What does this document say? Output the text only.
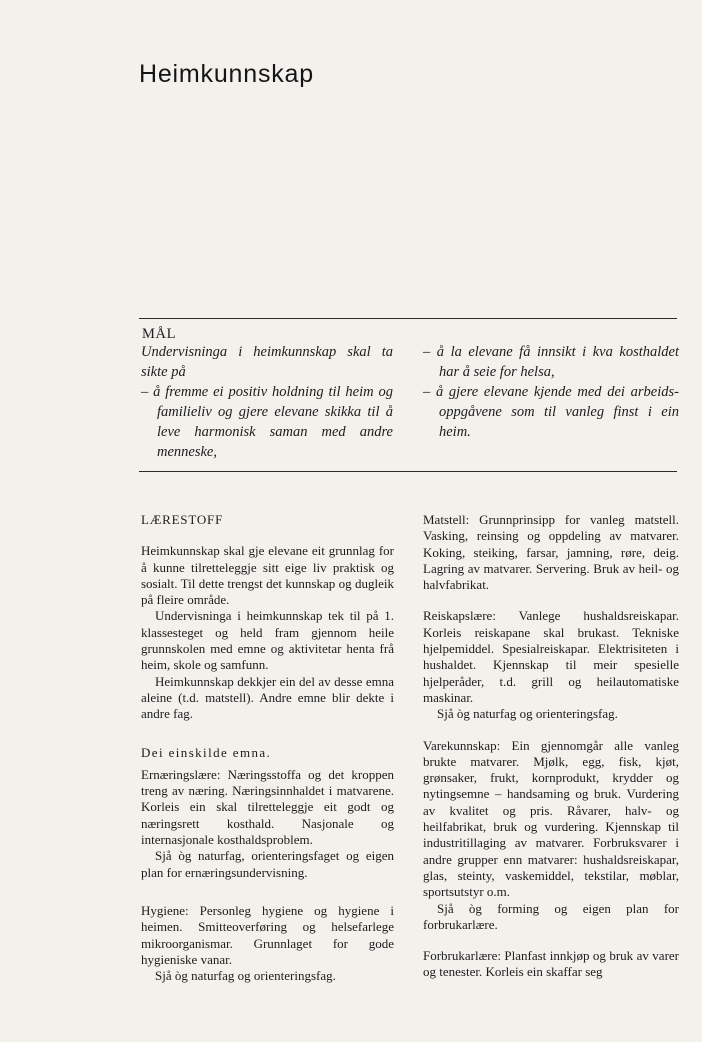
Heimkunnskap
MÅL

Undervisninga i heimkunnskap skal ta sikte på

– å fremme ei positiv holdning til heim og familieliv og gjere elevane skikka til å leve harmonisk saman med andre menneske,

– å la elevane få innsikt i kva kosthaldet har å seie for helsa,

– å gjere elevane kjende med dei arbeids-oppgåvene som til vanleg finst i ein heim.

LÆRESTOFF

Heimkunnskap skal gje elevane eit grunnlag for å kunne tilretteleggje sitt eige liv praktisk og sosialt. Til dette trengst det kunnskap og dugleik på fleire område.

Undervisninga i heimkunnskap tek til på 1. klassesteget og held fram gjennom heile grunnskolen med emne og aktivitetar henta frå heim, skole og samfunn.

Heimkunnskap dekkjer ein del av desse emna aleine (t.d. matstell). Andre emne blir dekte i andre fag.

Dei einskilde emna.

Ernæringslære: Næringsstoffa og det kroppen treng av næring. Næringsinnhaldet i matvarene. Korleis ein skal tilretteleggje eit godt og næringsrett kosthald. Nasjonale og internasjonale kosthaldsproblem.

Sjå òg naturfag, orienteringsfaget og eigen plan for ernæringsundervisning.

Hygiene: Personleg hygiene og hygiene i heimen. Smitteoverføring og helsefarlege mikroorganismar. Grunnlaget for gode hygieniske vanar.

Sjå òg naturfag og orienteringsfag.

Matstell: Grunnprinsipp for vanleg matstell. Vasking, reinsing og oppdeling av matvarer. Koking, steiking, farsar, jamning, røre, deig. Lagring av matvarer. Servering. Bruk av heil- og halvfabrikat.

Reiskapslære: Vanlege hushaldsreiskapar. Korleis reiskapane skal brukast. Tekniske hjelpemiddel. Spesialreiskapar. Elektrisiteten i hushaldet. Kjennskap til meir spesielle hjelperåder, t.d. grill og heilautomatiske maskinar.

Sjå òg naturfag og orienteringsfag.

Varekunnskap: Ein gjennomgår alle vanleg brukte matvarer. Mjølk, egg, fisk, kjøt, grønsaker, frukt, kornprodukt, krydder og nytingsemne – handsaming og bruk. Vurdering av kvalitet og pris. Råvarer, halv- og heilfabrikat, bruk og vurdering. Kjennskap til industritillaging av matvarer. Forbruksvarer i andre grupper enn matvarer: hushaldsreiskapar, glas, steinty, vaskemiddel, tekstilar, møblar, sportsutstyr o.m.

Sjå òg forming og eigen plan for forbrukarlære.

Forbrukarlære: Planfast innkjøp og bruk av varer og tenester. Korleis ein skaffar seg
